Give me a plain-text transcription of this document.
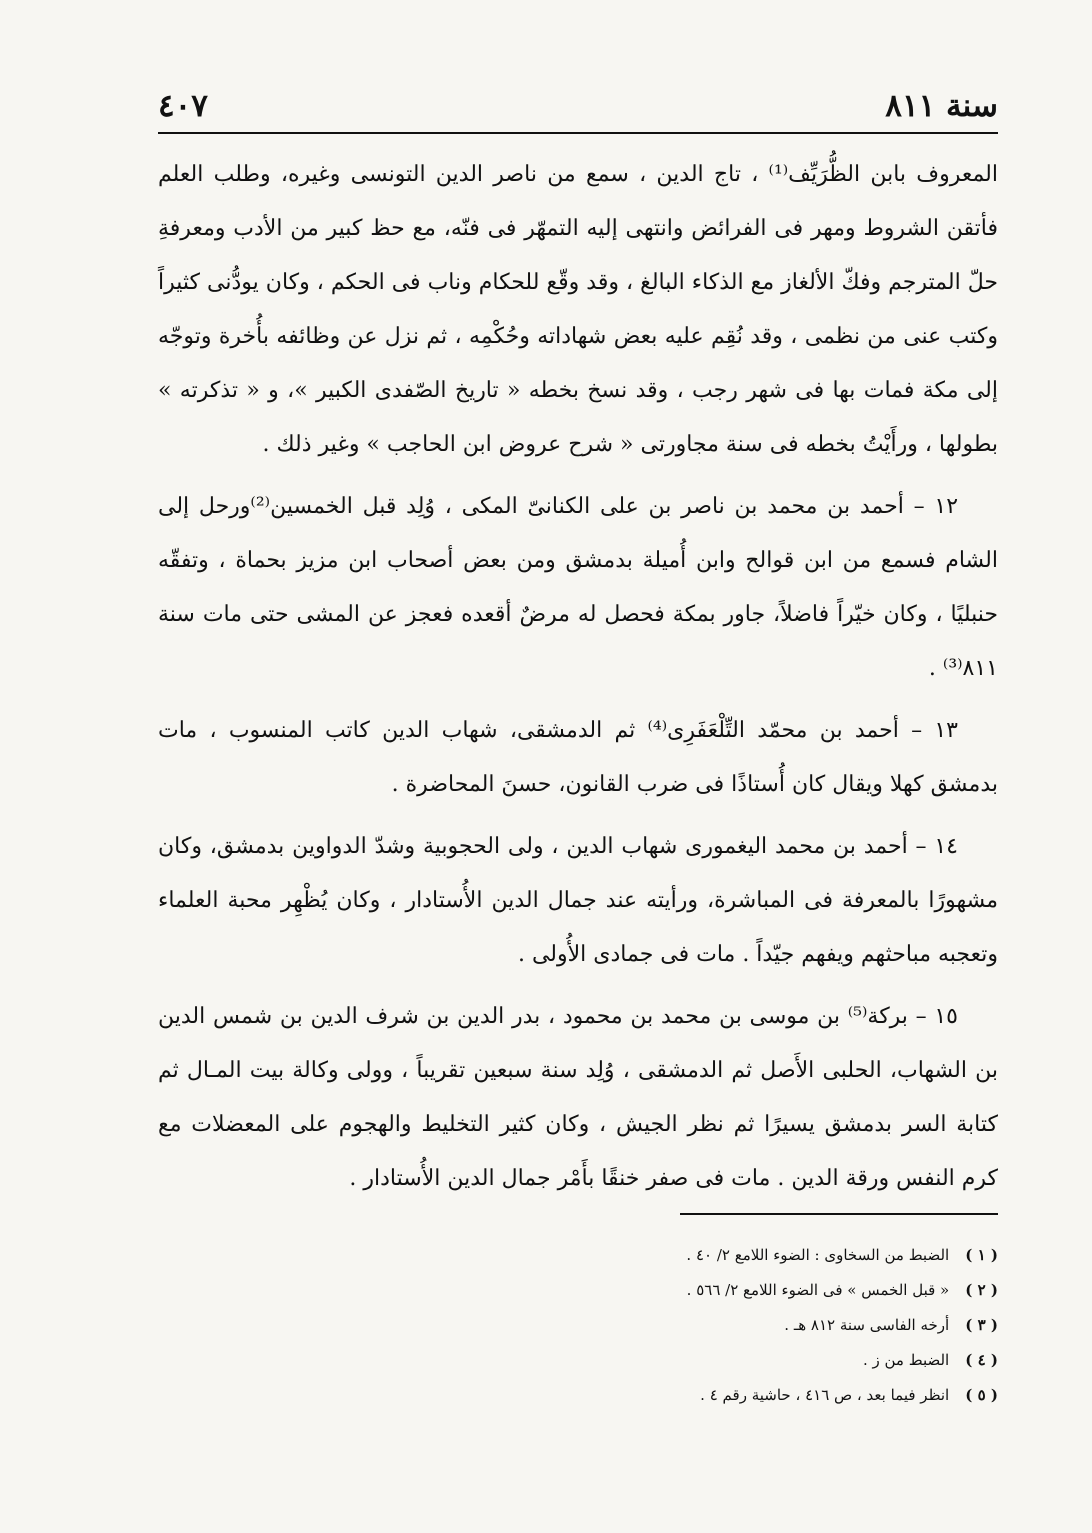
سنة ٨١١
٤٠٧

المعروف بابن الظُّرَيِّف⁽¹⁾ ، تاج الدين ، سمع من ناصر الدين التونسى وغيره، وطلب العلم فأتقن الشروط ومهر فى الفرائض وانتهى إليه التمهّر فى فنّه، مع حظ كبير من الأدب ومعرفةِ حلّ المترجم وفكّ الألغاز مع الذكاء البالغ ، وقد وقّع للحكام وناب فى الحكم ، وكان يودُّنى كثيراً وكتب عنى من نظمى ، وقد نُقِم عليه بعض شهاداته وحُكْمِه ، ثم نزل عن وظائفه بأُخرة وتوجّه إلى مكة فمات بها فى شهر رجب ، وقد نسخ بخطه « تاريخ الصّفدى الكبير »، و « تذكرته » بطولها ، ورأَيْتُ بخطه فى سنة مجاورتى « شرح عروض ابن الحاجب » وغير ذلك .

١٢ – أحمد بن محمد بن ناصر بن على الكنانىّ المكى ، وُلِد قبل الخمسين⁽²⁾ورحل إلى الشام فسمع من ابن قوالح وابن أُميلة بدمشق ومن بعض أصحاب ابن مزيز بحماة ، وتفقّه حنبليًا ، وكان خيّراً فاضلاً، جاور بمكة فحصل له مرضٌ أقعده فعجز عن المشى حتى مات سنة ٨١١⁽³⁾ .

١٣ – أحمد بن محمّد التِّلْعَفَرِى⁽⁴⁾ ثم الدمشقى، شهاب الدين كاتب المنسوب ، مات بدمشق كهلا ويقال كان أُستاذًا فى ضرب القانون، حسنَ المحاضرة .

١٤ – أحمد بن محمد اليغمورى شهاب الدين ، ولى الحجوبية وشدّ الدواوين بدمشق، وكان مشهورًا بالمعرفة فى المباشرة، ورأيته عند جمال الدين الأُستادار ، وكان يُظْهِر محبة العلماء وتعجبه مباحثهم ويفهم جيّداً . مات فى جمادى الأُولى .

١٥ – بركة⁽⁵⁾ بن موسى بن محمد بن محمود ، بدر الدين بن شرف الدين بن شمس الدين بن الشهاب، الحلبى الأَصل ثم الدمشقى ، وُلِد سنة سبعين تقريباً ، وولى وكالة بيت المـال ثم كتابة السر بدمشق يسيرًا ثم نظر الجيش ، وكان كثير التخليط والهجوم على المعضلات مع كرم النفس ورقة الدين . مات فى صفر خنقًا بأَمْر جمال الدين الأُستادار .

( ١ ) الضبط من السخاوى : الضوء اللامع ٢/ ٤٠ .
( ٢ ) « قبل الخمس » فى الضوء اللامع ٢/ ٥٦٦ .
( ٣ ) أرخه الفاسى سنة ٨١٢ هـ .
( ٤ ) الضبط من ز .
( ٥ ) انظر فيما بعد ، ص ٤١٦ ، حاشية رقم ٤ .
